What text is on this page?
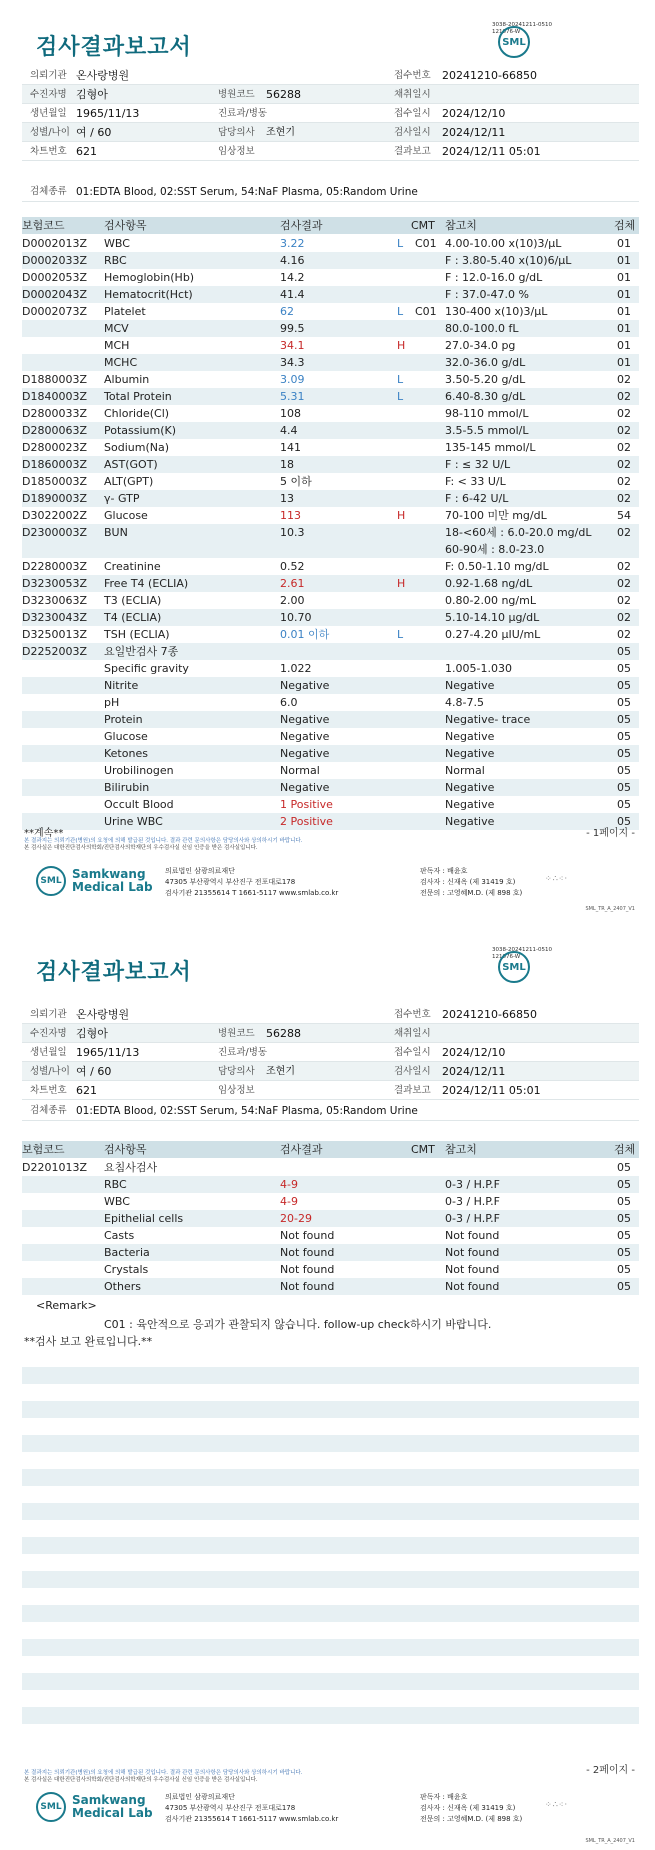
3038-20241211-0510
121076-W
검사결과보고서	SML
의뢰기관 온사랑병원	접수번호 20241210-66850
수진자명 김형아	병원코드 56288	채취일시
생년월일 1965/11/13	진료과/병동	접수일시 2024/12/10
성별/나이 여 / 60	담당의사 조현기	검사일시 2024/12/11
차트번호 621	임상정보	결과보고 2024/12/11 05:01
검체종류 01:EDTA Blood, 02:SST Serum, 54:NaF Plasma, 05:Random Urine
보험코드	검사항목	검사결과	CMT 참고치	검체
D0002013Z WBC	3.22	L C01 4.00-10.00 x(10)3/μL	01
D0002033Z RBC	4.16	F : 3.80-5.40 x(10)6/μL	01
D0002053Z Hemoglobin(Hb)	14.2	F : 12.0-16.0 g/dL	01
D0002043Z Hematocrit(Hct)	41.4	F : 37.0-47.0 %	01
D0002073Z Platelet	62	L C01 130-400 x(10)3/μL	01
MCV	99.5	80.0-100.0 fL	01
MCH	34.1	H	27.0-34.0 pg	01
MCHC	34.3	32.0-36.0 g/dL	01
D1880003Z Albumin	3.09	L	3.50-5.20 g/dL	02
D1840003Z Total Protein	5.31	L	6.40-8.30 g/dL	02
D2800033Z Chloride(Cl)	108	98-110 mmol/L	02
D2800063Z Potassium(K)	4.4	3.5-5.5 mmol/L	02
D2800023Z Sodium(Na)	141	135-145 mmol/L	02
D1860003Z AST(GOT)	18	F : ≤ 32 U/L	02
D1850003Z ALT(GPT)	5 이하	F: < 33 U/L	02
D1890003Z γ- GTP	13	F : 6-42 U/L	02
D3022002Z Glucose	113	H	70-100 미만 mg/dL	54
D2300003Z BUN	10.3	18-<60세 : 6.0-20.0 mg/dL 02
60-90세 : 8.0-23.0
D2280003Z Creatinine	0.52	F: 0.50-1.10 mg/dL	02
D3230053Z Free T4 (ECLIA)	2.61	H	0.92-1.68 ng/dL	02
D3230063Z T3 (ECLIA)	2.00	0.80-2.00 ng/mL	02
D3230043Z T4 (ECLIA)	10.70	5.10-14.10 μg/dL	02
D3250013Z TSH (ECLIA)	0.01 이하	L	0.27-4.20 μIU/mL	02
D2252003Z 요일반검사 7종	05
Specific gravity	1.022	1.005-1.030	05
Nitrite	Negative	Negative	05
pH	6.0	4.8-7.5	05
Protein	Negative	Negative- trace	05
Glucose	Negative	Negative	05
Ketones	Negative	Negative	05
Urobilinogen	Normal	Normal	05
Bilirubin	Negative	Negative	05
Occult Blood	1 Positive	Negative	05
Urine WBC	2 Positive	Negative	05
**계속**	- 1페이지 -
본 결과지는 의뢰기관(병원)의 요청에 의해 발급된 것입니다. 결과 관련 문의사항은 담당의사와 상의하시기 바랍니다.
본 검사실은 대한진단검사의학회/진단검사의학재단의 우수검사실 신임 인증을 받은 검사실입니다.
SML Samkwang
Medical Lab
의료법인 삼광의료재단
47305 부산광역시 부산진구 전포대로178
검사기관 21355614 T 1661-5117 www.smlab.co.kr
판독자 : 배윤호
검사자 : 신재옥 (제 31419 호)
전문의 : 고영혜M.D. (제 898 호)
⁘∴⁖·
SML_TR_A_2407_V1
3038-20241211-0510
121076-W
검사결과보고서	SML
의뢰기관 온사랑병원	접수번호 20241210-66850
수진자명 김형아	병원코드 56288	채취일시
생년월일 1965/11/13	진료과/병동	접수일시 2024/12/10
성별/나이 여 / 60	담당의사 조현기	검사일시 2024/12/11
차트번호 621	임상정보	결과보고 2024/12/11 05:01
검체종류 01:EDTA Blood, 02:SST Serum, 54:NaF Plasma, 05:Random Urine
보험코드	검사항목	검사결과	CMT 참고치	검체
D2201013Z 요침사검사	05
RBC	4-9	0-3 / H.P.F	05
WBC	4-9	0-3 / H.P.F	05
Epithelial cells	20-29	0-3 / H.P.F	05
Casts	Not found	Not found	05
Bacteria	Not found	Not found	05
Crystals	Not found	Not found	05
Others	Not found	Not found	05
<Remark>
C01 : 육안적으로 응괴가 관찰되지 않습니다. follow-up check하시기 바랍니다.
**검사 보고 완료입니다.**
- 2페이지 -
본 결과지는 의뢰기관(병원)의 요청에 의해 발급된 것입니다. 결과 관련 문의사항은 담당의사와 상의하시기 바랍니다.
본 검사실은 대한진단검사의학회/진단검사의학재단의 우수검사실 신임 인증을 받은 검사실입니다.
SML Samkwang
Medical Lab
의료법인 삼광의료재단
47305 부산광역시 부산진구 전포대로178
검사기관 21355614 T 1661-5117 www.smlab.co.kr
판독자 : 배윤호
검사자 : 신재옥 (제 31419 호)
전문의 : 고영혜M.D. (제 898 호)
⁘∴⁖·
SML_TR_A_2407_V1
